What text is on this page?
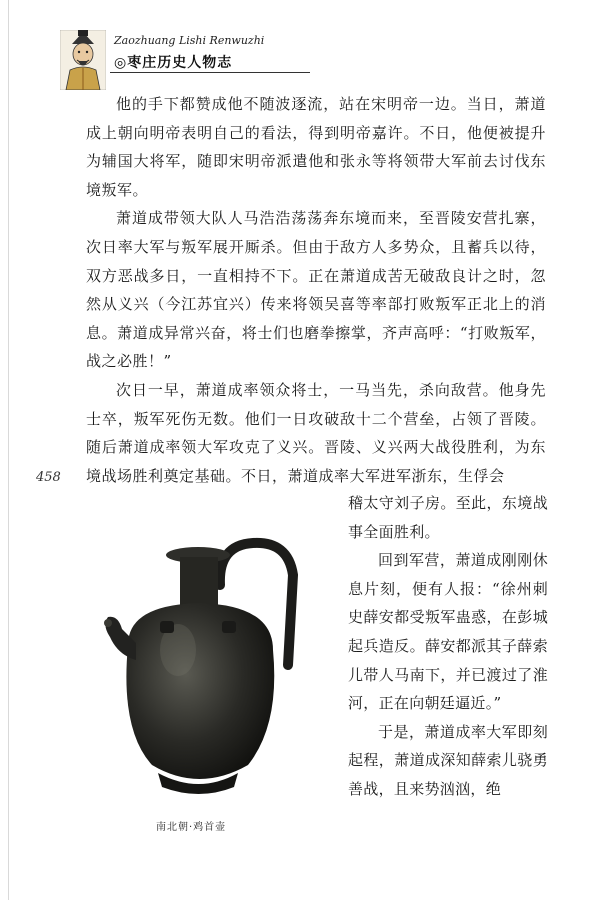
Zaozhuang Lishi Renwuzhi
◎枣庄历史人物志

他的手下都赞成他不随波逐流，站在宋明帝一边。当日，萧道成上朝向明帝表明自己的看法，得到明帝嘉许。不日，他便被提升为辅国大将军，随即宋明帝派遣他和张永等将领带大军前去讨伐东境叛军。

萧道成带领大队人马浩浩荡荡奔东境而来，至晋陵安营扎寨，次日率大军与叛军展开厮杀。但由于敌方人多势众，且蓄兵以待，双方恶战多日，一直相持不下。正在萧道成苦无破敌良计之时，忽然从义兴（今江苏宜兴）传来将领吴喜等率部打败叛军正北上的消息。萧道成异常兴奋，将士们也磨拳擦掌，齐声高呼：“打败叛军，战之必胜！”

次日一早，萧道成率领众将士，一马当先，杀向敌营。他身先士卒，叛军死伤无数。他们一日攻破敌十二个营垒，占领了晋陵。随后萧道成率领大军攻克了义兴。晋陵、义兴两大战役胜利，为东境战场胜利奠定基础。不日，萧道成率大军进军浙东，生俘会

458

稽太守刘子房。至此，东境战事全面胜利。

回到军营，萧道成刚刚休息片刻，便有人报：“徐州刺史薛安都受叛军蛊惑，在彭城起兵造反。薛安都派其子薛索儿带人马南下，并已渡过了淮河，正在向朝廷逼近。”

于是，萧道成率大军即刻起程，萧道成深知薛索儿骁勇善战，且来势汹汹，绝

南北朝·鸡首壶
